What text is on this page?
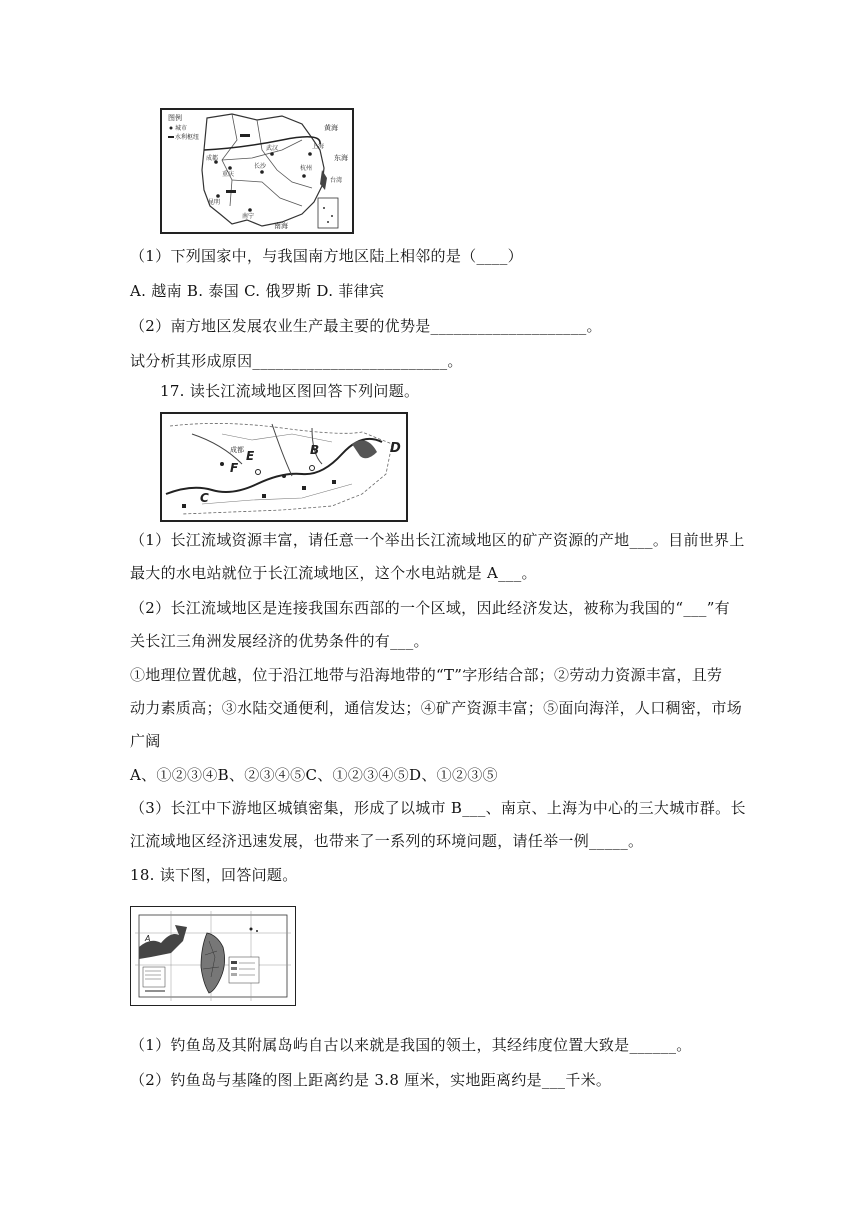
图例
城市
水利枢纽
黄海
上海
东海
武汉
杭州
长沙
重庆
成都
昆明
南宁
南海
台湾
（1）下列国家中，与我国南方地区陆上相邻的是（____）
A. 越南 B. 泰国 C. 俄罗斯 D. 菲律宾
（2）南方地区发展农业生产最主要的优势是____________________。
试分析其形成原因_________________________。
17. 读长江流域地区图回答下列问题。
D
B
E
F
C
成都
（1）长江流域资源丰富，请任意一个举出长江流域地区的矿产资源的产地___。目前世界上
最大的水电站就位于长江流域地区，这个水电站就是 A___。
（2）长江流域地区是连接我国东西部的一个区域，因此经济发达，被称为我国的“___”有
关长江三角洲发展经济的优势条件的有___。
①地理位置优越，位于沿江地带与沿海地带的“T”字形结合部；②劳动力资源丰富，且劳
动力素质高；③水陆交通便利，通信发达；④矿产资源丰富；⑤面向海洋，人口稠密，市场
广阔
A、①②③④B、②③④⑤C、①②③④⑤D、①②③⑤
（3）长江中下游地区城镇密集，形成了以城市 B___、南京、上海为中心的三大城市群。长
江流域地区经济迅速发展，也带来了一系列的环境问题，请任举一例_____。
18. 读下图，回答问题。
A
（1）钓鱼岛及其附属岛屿自古以来就是我国的领土，其经纬度位置大致是______。
（2）钓鱼岛与基隆的图上距离约是 3.8 厘米，实地距离约是___千米。
